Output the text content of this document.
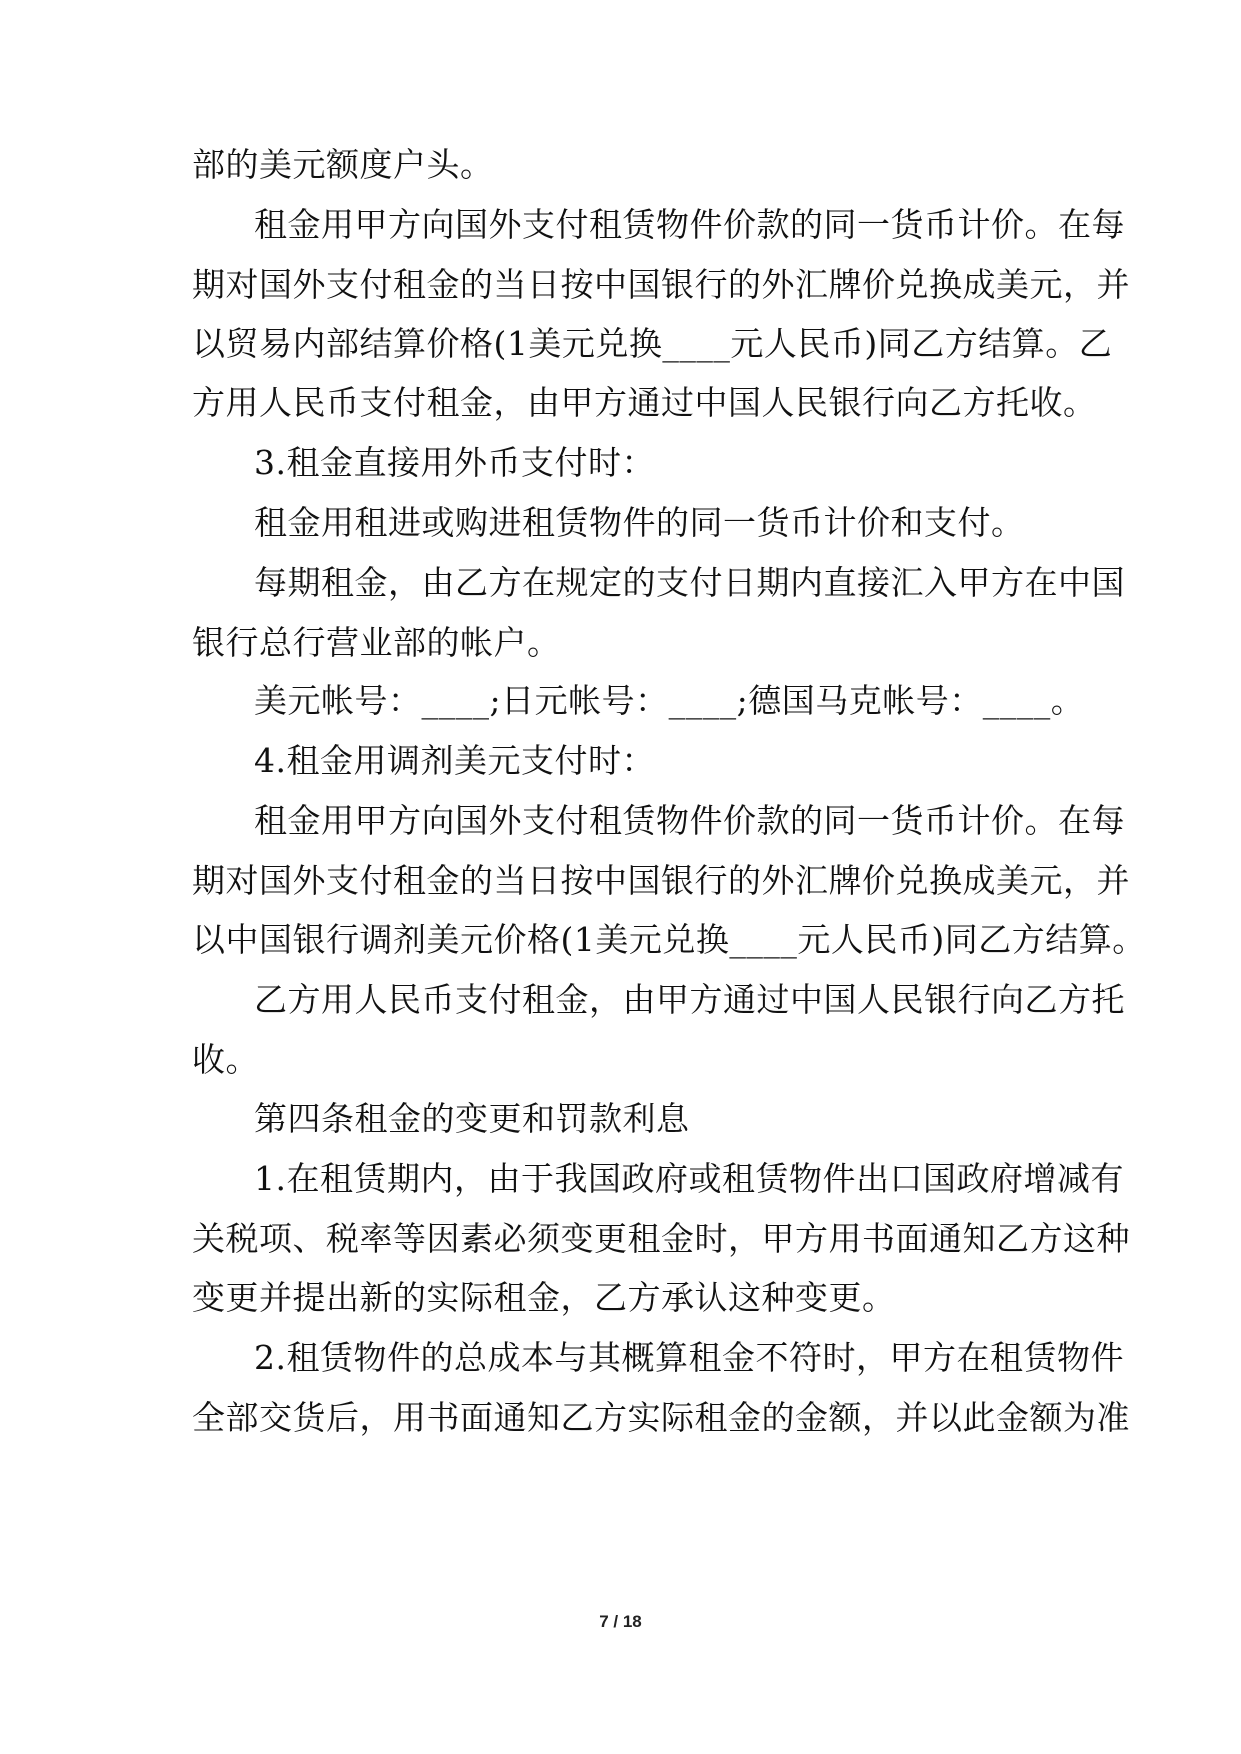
部的美元额度户头。
租金用甲方向国外支付租赁物件价款的同一货币计价。在每
期对国外支付租金的当日按中国银行的外汇牌价兑换成美元，并
以贸易内部结算价格(1美元兑换____元人民币)同乙方结算。乙
方用人民币支付租金，由甲方通过中国人民银行向乙方托收。
3.租金直接用外币支付时：
租金用租进或购进租赁物件的同一货币计价和支付。
每期租金，由乙方在规定的支付日期内直接汇入甲方在中国
银行总行营业部的帐户。
美元帐号：____;日元帐号：____;德国马克帐号：____。
4.租金用调剂美元支付时：
租金用甲方向国外支付租赁物件价款的同一货币计价。在每
期对国外支付租金的当日按中国银行的外汇牌价兑换成美元，并
以中国银行调剂美元价格(1美元兑换____元人民币)同乙方结算。
乙方用人民币支付租金，由甲方通过中国人民银行向乙方托
收。
第四条租金的变更和罚款利息
1.在租赁期内，由于我国政府或租赁物件出口国政府增减有
关税项、税率等因素必须变更租金时，甲方用书面通知乙方这种
变更并提出新的实际租金，乙方承认这种变更。
2.租赁物件的总成本与其概算租金不符时，甲方在租赁物件
全部交货后，用书面通知乙方实际租金的金额，并以此金额为准
7 / 18
